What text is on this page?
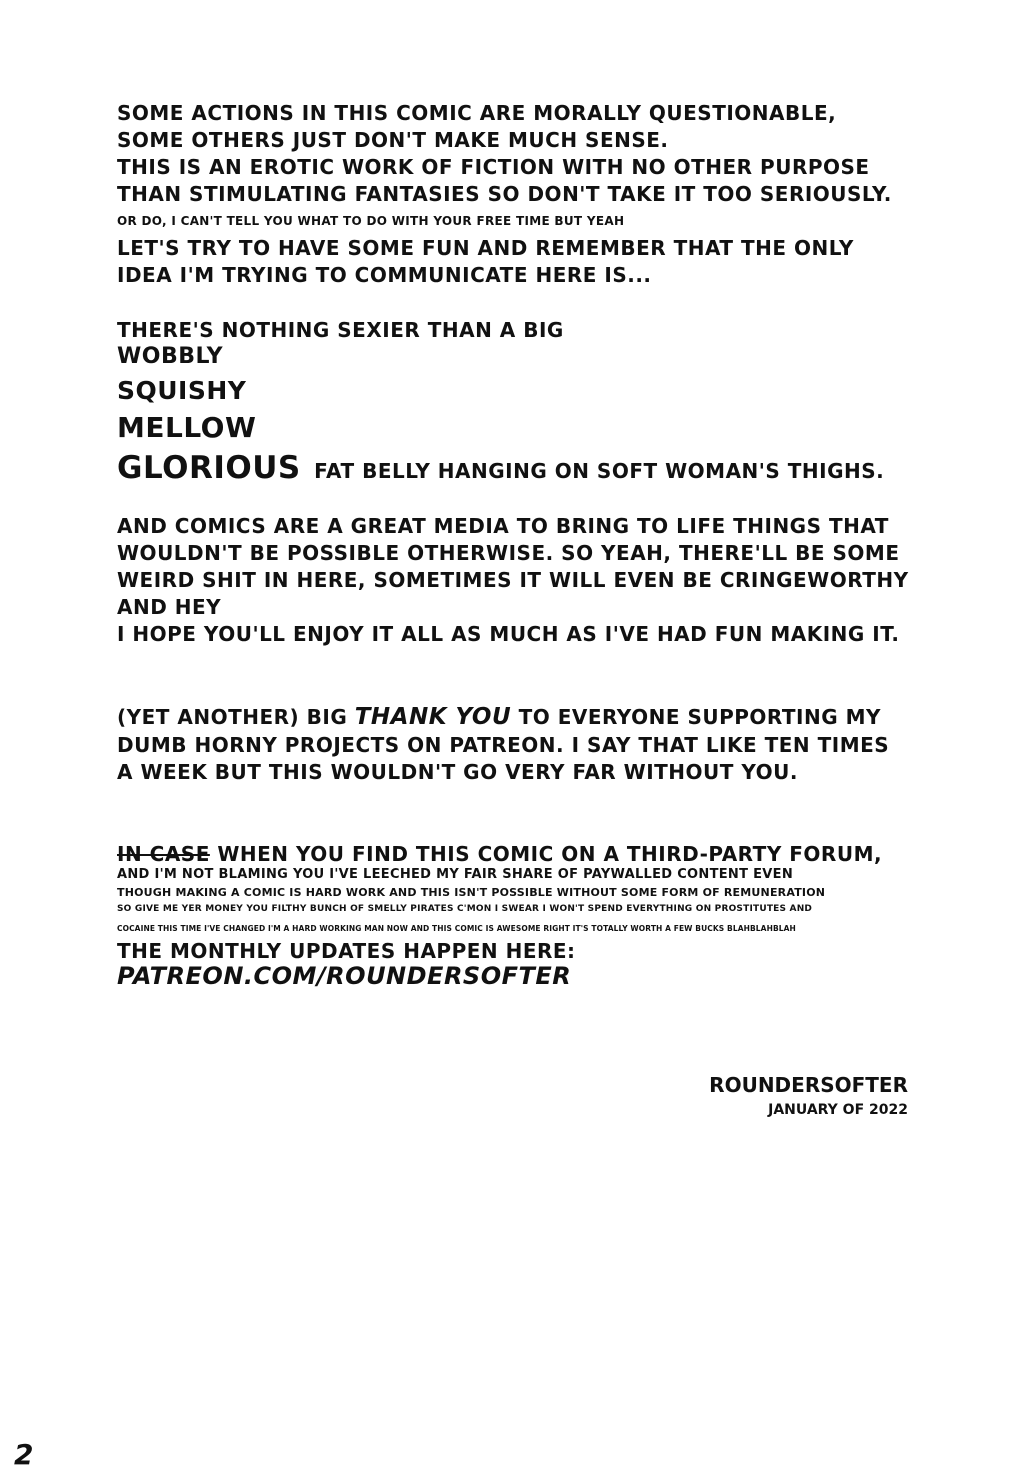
SOME ACTIONS IN THIS COMIC ARE MORALLY QUESTIONABLE,
SOME OTHERS JUST DON'T MAKE MUCH SENSE.
THIS IS AN EROTIC WORK OF FICTION WITH NO OTHER PURPOSE
THAN STIMULATING FANTASIES SO DON'T TAKE IT TOO SERIOUSLY.
OR DO, I CAN'T TELL YOU WHAT TO DO WITH YOUR FREE TIME BUT YEAH
LET'S TRY TO HAVE SOME FUN AND REMEMBER THAT THE ONLY
IDEA I'M TRYING TO COMMUNICATE HERE IS...
THERE'S NOTHING SEXIER THAN A BIG
WOBBLY
SQUISHY
MELLOW
GLORIOUS FAT BELLY HANGING ON SOFT WOMAN'S THIGHS.
AND COMICS ARE A GREAT MEDIA TO BRING TO LIFE THINGS THAT
WOULDN'T BE POSSIBLE OTHERWISE. SO YEAH, THERE'LL BE SOME
WEIRD SHIT IN HERE, SOMETIMES IT WILL EVEN BE CRINGEWORTHY
AND HEY
I HOPE YOU'LL ENJOY IT ALL AS MUCH AS I'VE HAD FUN MAKING IT.
(YET ANOTHER) BIG THANK YOU TO EVERYONE SUPPORTING MY
DUMB HORNY PROJECTS ON PATREON. I SAY THAT LIKE TEN TIMES
A WEEK BUT THIS WOULDN'T GO VERY FAR WITHOUT YOU.
IN CASE WHEN YOU FIND THIS COMIC ON A THIRD-PARTY FORUM,
AND I'M NOT BLAMING YOU I'VE LEECHED MY FAIR SHARE OF PAYWALLED CONTENT EVEN
THOUGH MAKING A COMIC IS HARD WORK AND THIS ISN'T POSSIBLE WITHOUT SOME FORM OF REMUNERATION
SO GIVE ME YER MONEY YOU FILTHY BUNCH OF SMELLY PIRATES C'MON I SWEAR I WON'T SPEND EVERYTHING ON PROSTITUTES AND
COCAINE THIS TIME I'VE CHANGED I'M A HARD WORKING MAN NOW AND THIS COMIC IS AWESOME RIGHT IT'S TOTALLY WORTH A FEW BUCKS BLAHBLAHBLAH
THE MONTHLY UPDATES HAPPEN HERE:
PATREON.COM/ROUNDERSOFTER
ROUNDERSOFTER
JANUARY OF 2022
2
